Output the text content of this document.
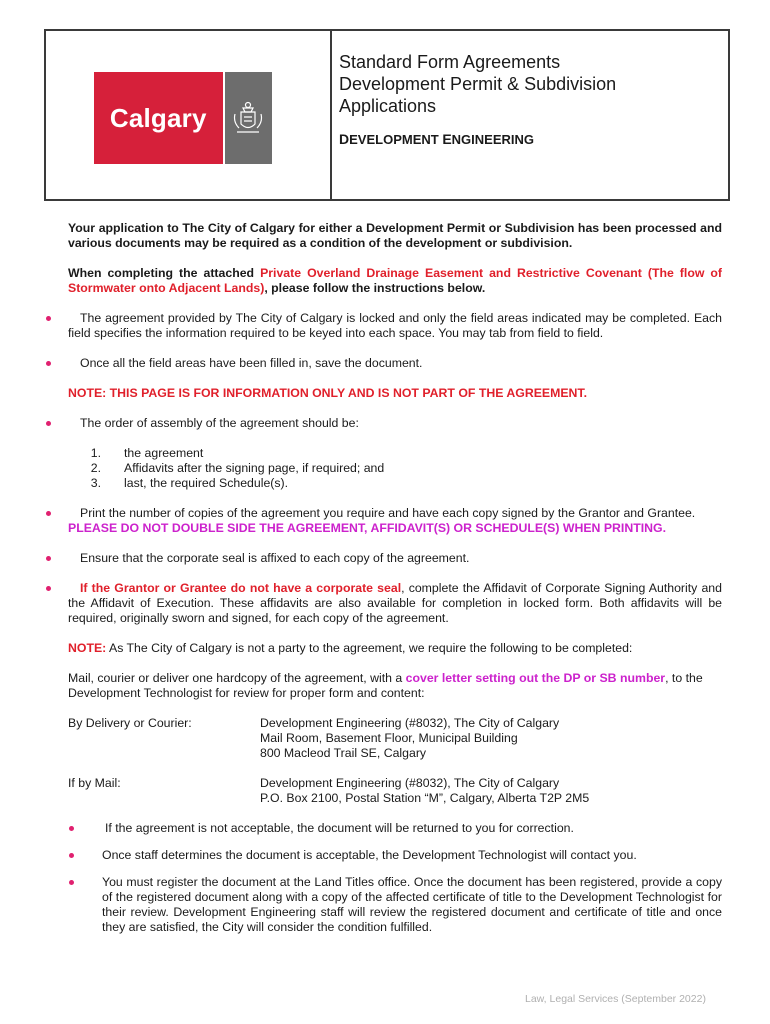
Calgary
Standard Form Agreements
Development Permit & Subdivision
Applications
DEVELOPMENT ENGINEERING

Your application to The City of Calgary for either a Development Permit or Subdivision has been processed and various documents may be required as a condition of the development or subdivision.

When completing the attached Private Overland Drainage Easement and Restrictive Covenant (The flow of Stormwater onto Adjacent Lands), please follow the instructions below.

The agreement provided by The City of Calgary is locked and only the field areas indicated may be completed. Each field specifies the information required to be keyed into each space. You may tab from field to field.

Once all the field areas have been filled in, save the document.

NOTE: THIS PAGE IS FOR INFORMATION ONLY AND IS NOT PART OF THE AGREEMENT.

The order of assembly of the agreement should be:

1.	the agreement
2.	Affidavits after the signing page, if required; and
3.	last, the required Schedule(s).

Print the number of copies of the agreement you require and have each copy signed by the Grantor and Grantee.

PLEASE DO NOT DOUBLE SIDE THE AGREEMENT, AFFIDAVIT(S) OR SCHEDULE(S) WHEN PRINTING.

Ensure that the corporate seal is affixed to each copy of the agreement.

If the Grantor or Grantee do not have a corporate seal, complete the Affidavit of Corporate Signing Authority and the Affidavit of Execution. These affidavits are also available for completion in locked form. Both affidavits will be required, originally sworn and signed, for each copy of the agreement.

NOTE: As The City of Calgary is not a party to the agreement, we require the following to be completed:

Mail, courier or deliver one hardcopy of the agreement, with a cover letter setting out the DP or SB number, to the Development Technologist for review for proper form and content:

By Delivery or Courier:	Development Engineering (#8032), The City of Calgary
Mail Room, Basement Floor, Municipal Building
800 Macleod Trail SE, Calgary
If by Mail:	Development Engineering (#8032), The City of Calgary
P.O. Box 2100, Postal Station “M”, Calgary, Alberta T2P 2M5

If the agreement is not acceptable, the document will be returned to you for correction.

Once staff determines the document is acceptable, the Development Technologist will contact you.

You must register the document at the Land Titles office. Once the document has been registered, provide a copy of the registered document along with a copy of the affected certificate of title to the Development Technologist for their review. Development Engineering staff will review the registered document and certificate of title and once they are satisfied, the City will consider the condition fulfilled.

Law, Legal Services (September 2022)
